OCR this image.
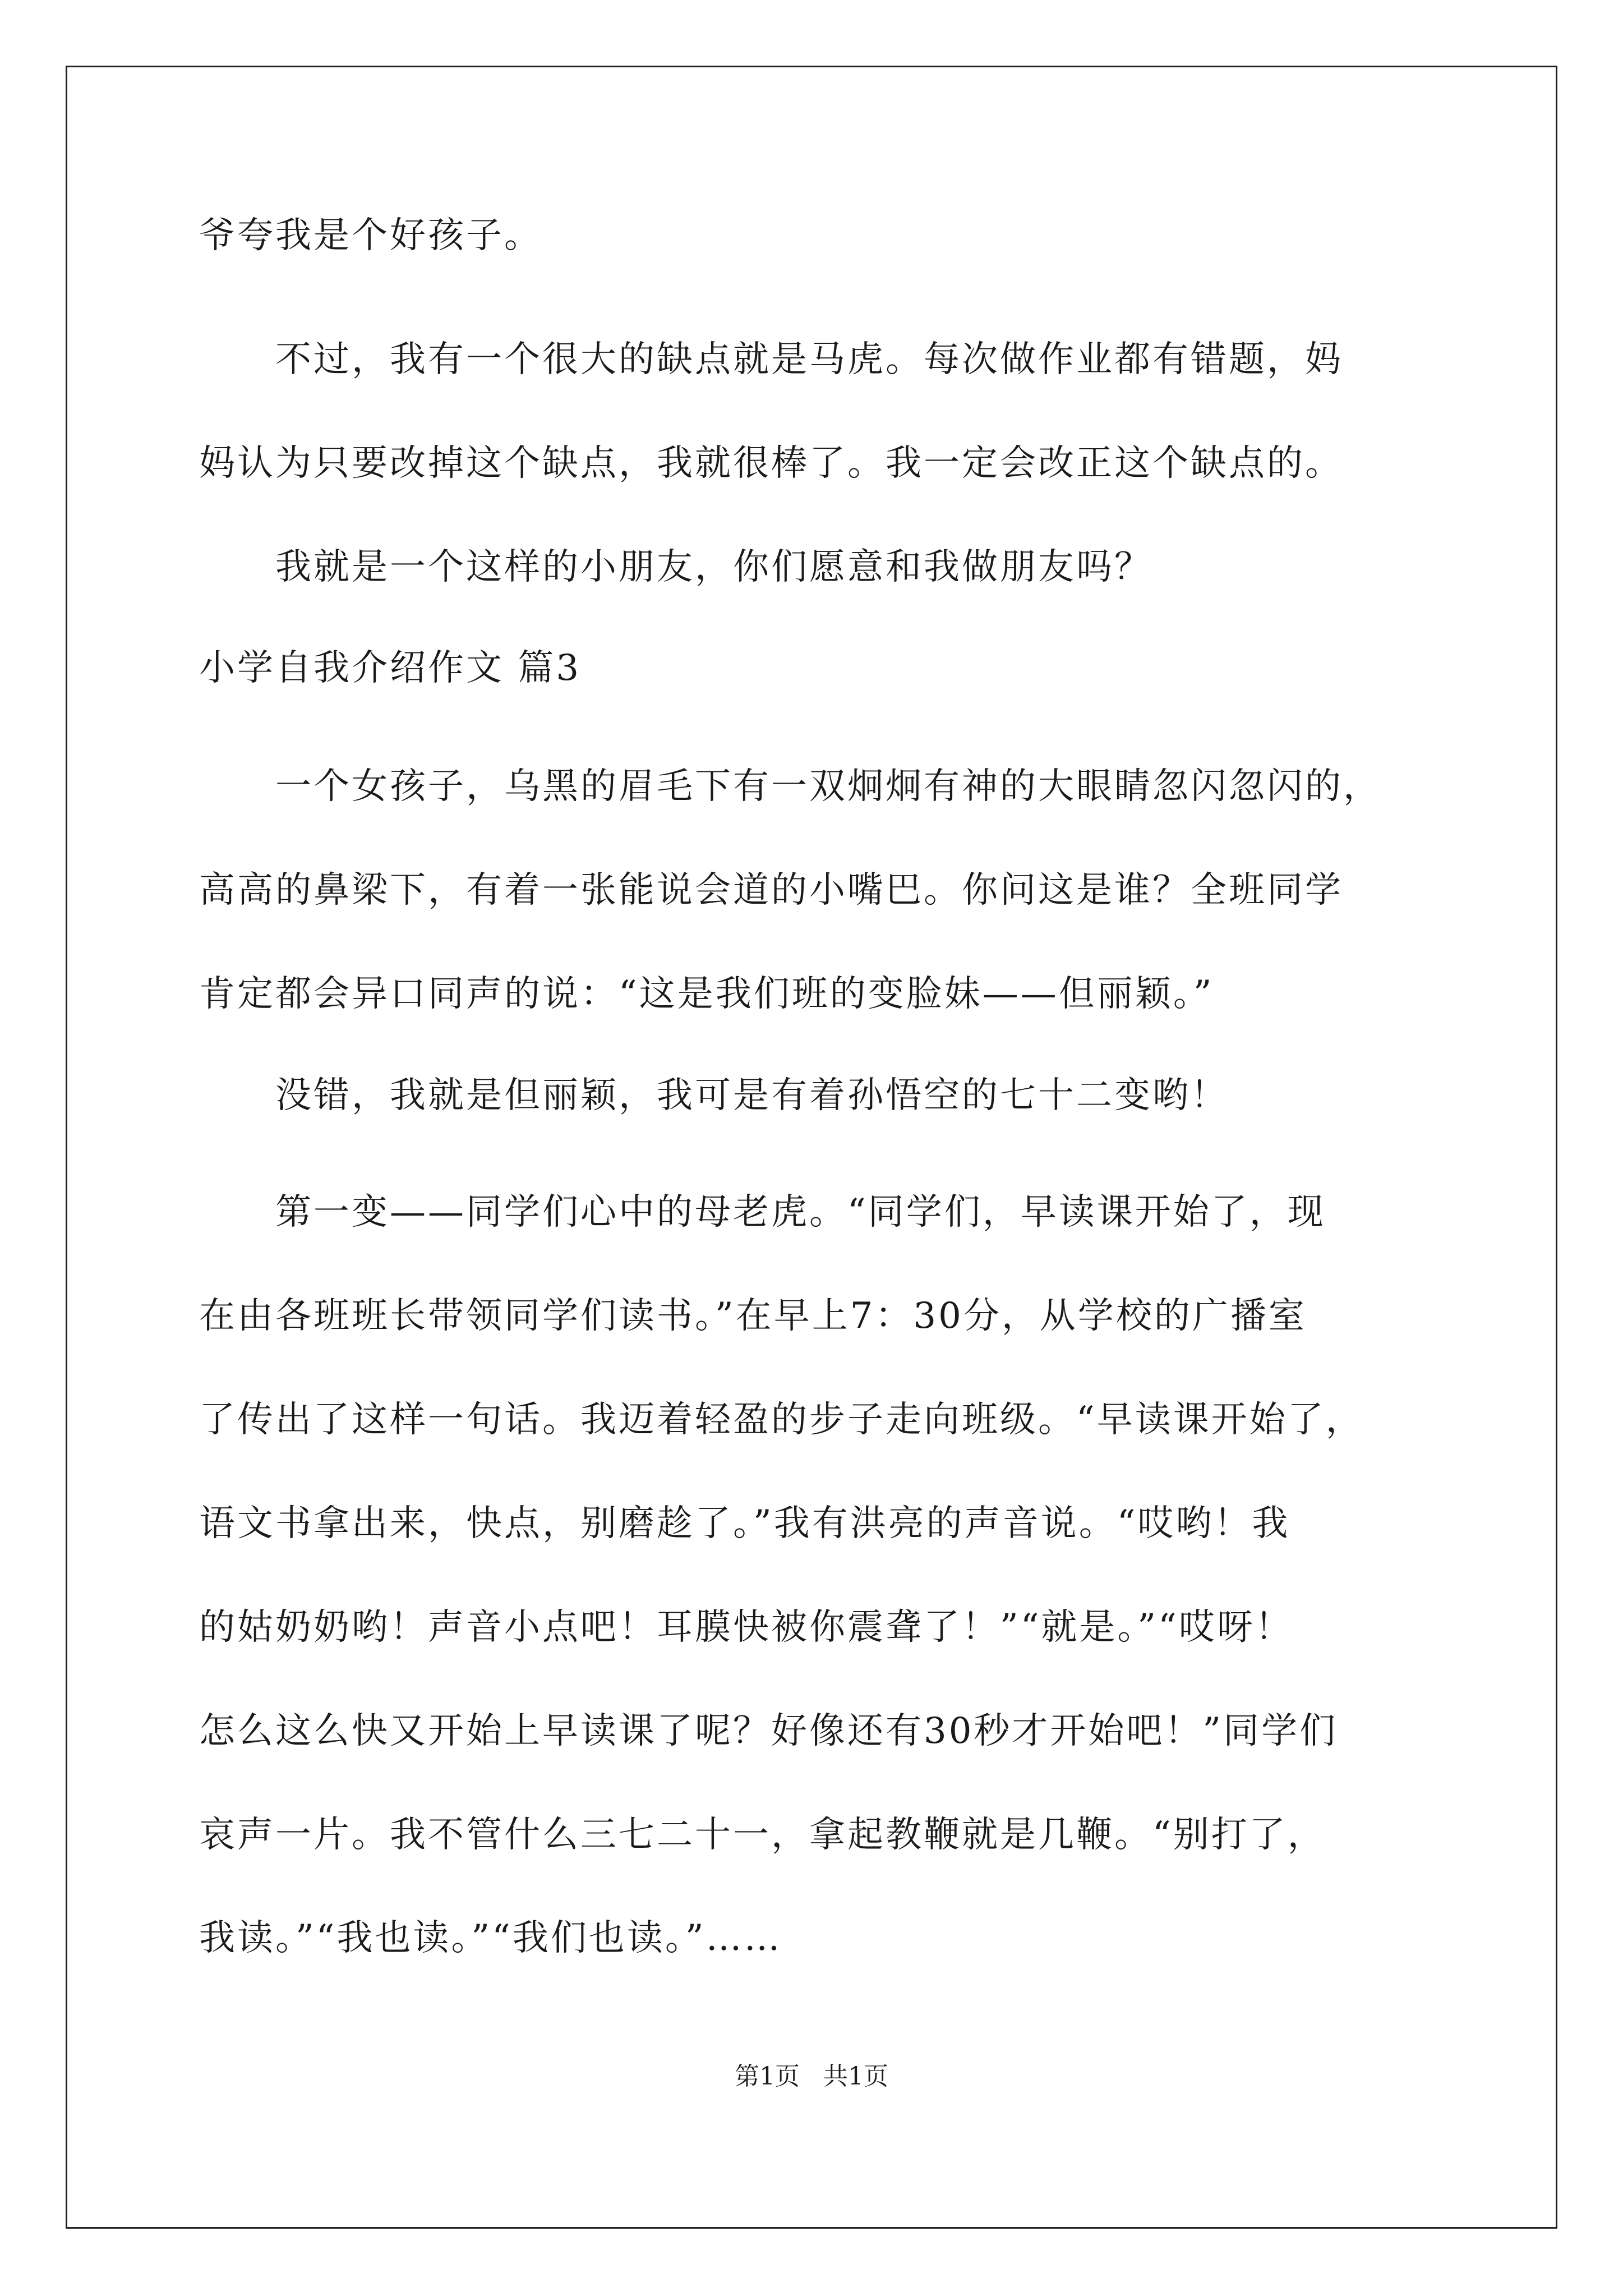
爷夸我是个好孩子。
　　不过，我有一个很大的缺点就是马虎。每次做作业都有错题，妈
妈认为只要改掉这个缺点，我就很棒了。我一定会改正这个缺点的。
　　我就是一个这样的小朋友，你们愿意和我做朋友吗？
小学自我介绍作文 篇3
　　一个女孩子，乌黑的眉毛下有一双炯炯有神的大眼睛忽闪忽闪的，
高高的鼻梁下，有着一张能说会道的小嘴巴。你问这是谁？全班同学
肯定都会异口同声的说：“这是我们班的变脸妹——但丽颖。”
　　没错，我就是但丽颖，我可是有着孙悟空的七十二变哟！
　　第一变——同学们心中的母老虎。“同学们，早读课开始了，现
在由各班班长带领同学们读书。”在早上7：30分，从学校的广播室
了传出了这样一句话。我迈着轻盈的步子走向班级。“早读课开始了，
语文书拿出来，快点，别磨趁了。”我有洪亮的声音说。“哎哟！我
的姑奶奶哟！声音小点吧！耳膜快被你震聋了！”“就是。”“哎呀！
怎么这么快又开始上早读课了呢？好像还有30秒才开始吧！”同学们
哀声一片。我不管什么三七二十一，拿起教鞭就是几鞭。“别打了，
我读。”“我也读。”“我们也读。”……
第1页   共1页
